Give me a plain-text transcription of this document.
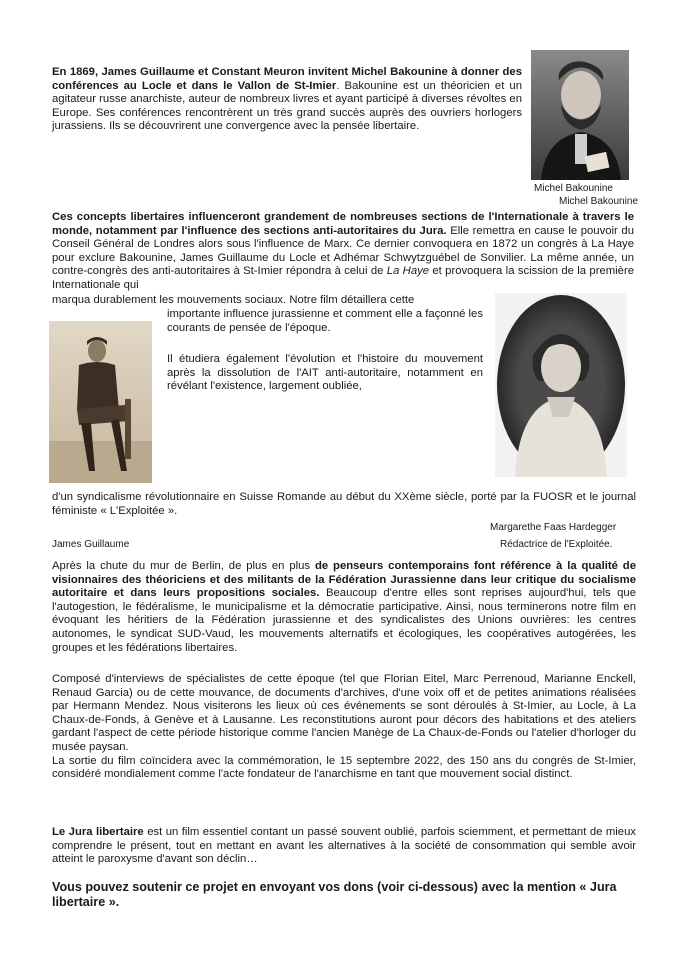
En 1869, James Guillaume et Constant Meuron invitent Michel Bakounine à donner des conférences au Locle et dans le Vallon de St-Imier. Bakounine est un théoricien et un agitateur russe anarchiste, auteur de nombreux livres et ayant participé à diverses révoltes en Europe. Ses conférences rencontrèrent un très grand succès auprès des ouvriers horlogers jurassiens. Ils se découvrirent une convergence avec la pensée libertaire.

Michel Bakounine
Michel Bakounine

Ces concepts libertaires influenceront grandement de nombreuses sections de l'Internationale à travers le monde, notamment par l'influence des sections anti-autoritaires du Jura. Elle remettra en cause le pouvoir du Conseil Général de Londres alors sous l'influence de Marx. Ce dernier convoquera en 1872 un congrès à La Haye pour exclure Bakounine, James Guillaume du Locle et Adhémar Schwytzguébel de Sonvilier. La même année, un contre-congrès des anti-autoritaires à St-Imier répondra à celui de La Haye et provoquera la scission de la première Internationale qui

marqua durablement les mouvements sociaux. Notre film détaillera cette

importante influence jurassienne et comment elle a façonné les courants de pensée de l'époque.

Il étudiera également l'évolution et l'histoire du mouvement après la dissolution de l'AIT anti-autoritaire, notamment en révélant l'existence, largement oubliée,

d'un syndicalisme révolutionnaire en Suisse Romande au début du XXème siècle, porté par la FUOSR et le journal féministe « L'Exploitée ».

Margarethe Faas Hardegger
James Guillaume	Rédactrice de l'Exploitée.

Après la chute du mur de Berlin, de plus en plus de penseurs contemporains font référence à la qualité de visionnaires des théoriciens et des militants de la Fédération Jurassienne dans leur critique du socialisme autoritaire et dans leurs propositions sociales. Beaucoup d'entre elles sont reprises aujourd'hui, tels que l'autogestion, le fédéralisme, le municipalisme et la démocratie participative. Ainsi, nous terminerons notre film en évoquant les héritiers de la Fédération jurassienne et des syndicalistes des Unions ouvrières: les centres autonomes, le syndicat SUD-Vaud, les mouvements alternatifs et écologiques, les coopératives autogérées, les groupes et les fédérations libertaires.

Composé d'interviews de spécialistes de cette époque (tel que Florian Eitel, Marc Perrenoud, Marianne Enckell, Renaud Garcia) ou de cette mouvance, de documents d'archives, d'une voix off et de petites animations réalisées par Hermann Mendez. Nous visiterons les lieux où ces événements se sont déroulés à St-Imier, au Locle, à La Chaux-de-Fonds, à Genève et à Lausanne. Les reconstitutions auront pour décors des habitations et des ateliers gardant l'aspect de cette période historique comme l'ancien Manège de La Chaux-de-Fonds ou l'atelier d'horloger du musée paysan.

La sortie du film coïncidera avec la commémoration, le 15 septembre 2022, des 150 ans du congrès de St-Imier, considéré mondialement comme l'acte fondateur de l'anarchisme en tant que mouvement social distinct.

Le Jura libertaire est un film essentiel contant un passé souvent oublié, parfois sciemment, et permettant de mieux comprendre le présent, tout en mettant en avant les alternatives à la société de consommation qui semble avoir atteint le paroxysme d'avant son déclin…

Vous pouvez soutenir ce projet en envoyant vos dons (voir ci-dessous) avec la mention « Jura libertaire ».
